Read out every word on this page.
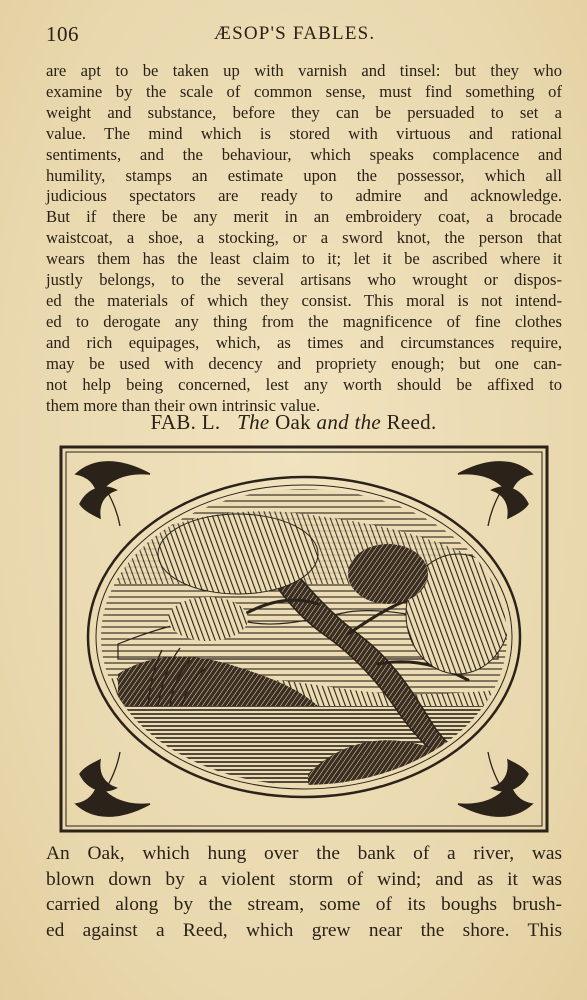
106	ÆSOP'S FABLES.
are apt to be taken up with varnish and tinsel: but they who
examine by the scale of common sense, must find something of
weight and substance, before they can be persuaded to set a
value. The mind which is stored with virtuous and rational
sentiments, and the behaviour, which speaks complacence and
humility, stamps an estimate upon the possessor, which all
judicious spectators are ready to admire and acknowledge.
But if there be any merit in an embroidery coat, a brocade
waistcoat, a shoe, a stocking, or a sword knot, the person that
wears them has the least claim to it; let it be ascribed where it
justly belongs, to the several artisans who wrought or dispos-
ed the materials of which they consist. This moral is not intend-
ed to derogate any thing from the magnificence of fine clothes
and rich equipages, which, as times and circumstances require,
may be used with decency and propriety enough; but one can-
not help being concerned, lest any worth should be affixed to
them more than their own intrinsic value.
FAB. L. The Oak and the Reed.
An Oak, which hung over the bank of a river, was
blown down by a violent storm of wind; and as it was
carried along by the stream, some of its boughs brush-
ed against a Reed, which grew near the shore. This
